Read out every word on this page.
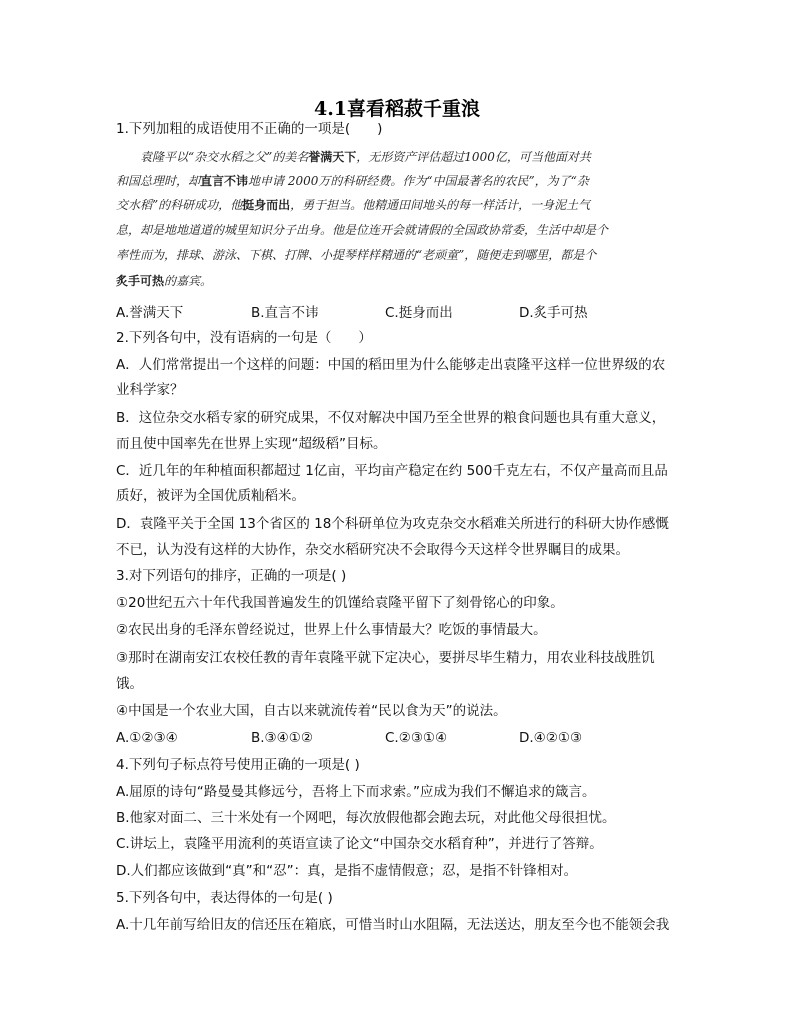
4.1喜看稻菽千重浪
1.下列加粗的成语使用不正确的一项是(　　)
　　袁隆平以“杂交水稻之父”的美名誉满天下，无形资产评估超过1000亿，可当他面对共
和国总理时，却直言不讳地申请 2000万的科研经费。作为“中国最著名的农民”，为了“杂
交水稻”的科研成功，他挺身而出，勇于担当。他精通田间地头的每一样活计，一身泥土气
息，却是地地道道的城里知识分子出身。他是位连开会就请假的全国政协常委，生活中却是个
率性而为，排球、游泳、下棋、打牌、小提琴样样精通的“老顽童”，随便走到哪里，都是个
炙手可热的嘉宾。
A.誉满天下	B.直言不讳	C.挺身而出	D.炙手可热
2.下列各句中，没有语病的一句是（　　）
A．人们常常提出一个这样的问题：中国的稻田里为什么能够走出袁隆平这样一位世界级的农
业科学家？
B．这位杂交水稻专家的研究成果，不仅对解决中国乃至全世界的粮食问题也具有重大意义，
而且使中国率先在世界上实现“超级稻”目标。
C．近几年的年种植面积都超过 1亿亩，平均亩产稳定在约 500千克左右，不仅产量高而且品
质好，被评为全国优质籼稻米。
D．袁隆平关于全国 13个省区的 18个科研单位为攻克杂交水稻难关所进行的科研大协作感慨
不已，认为没有这样的大协作，杂交水稻研究决不会取得今天这样令世界瞩目的成果。
3.对下列语句的排序，正确的一项是( )
①20世纪五六十年代我国普遍发生的饥馑给袁隆平留下了刻骨铭心的印象。
②农民出身的毛泽东曾经说过，世界上什么事情最大？吃饭的事情最大。
③那时在湖南安江农校任教的青年袁隆平就下定决心，要拼尽毕生精力，用农业科技战胜饥
饿。
④中国是一个农业大国，自古以来就流传着“民以食为天”的说法。
A.①②③④	B.③④①②	C.②③①④	D.④②①③
4.下列句子标点符号使用正确的一项是( )
A.屈原的诗句“路曼曼其修远兮，吾将上下而求索。”应成为我们不懈追求的箴言。
B.他家对面二、三十米处有一个网吧，每次放假他都会跑去玩，对此他父母很担忧。
C.讲坛上，袁隆平用流利的英语宣读了论文“中国杂交水稻育种”，并进行了答辩。
D.人们都应该做到“真”和“忍”：真，是指不虚情假意；忍，是指不针锋相对。
5.下列各句中，表达得体的一句是( )
A.十几年前写给旧友的信还压在箱底，可惜当时山水阻隔，无法送达，朋友至今也不能领会我
